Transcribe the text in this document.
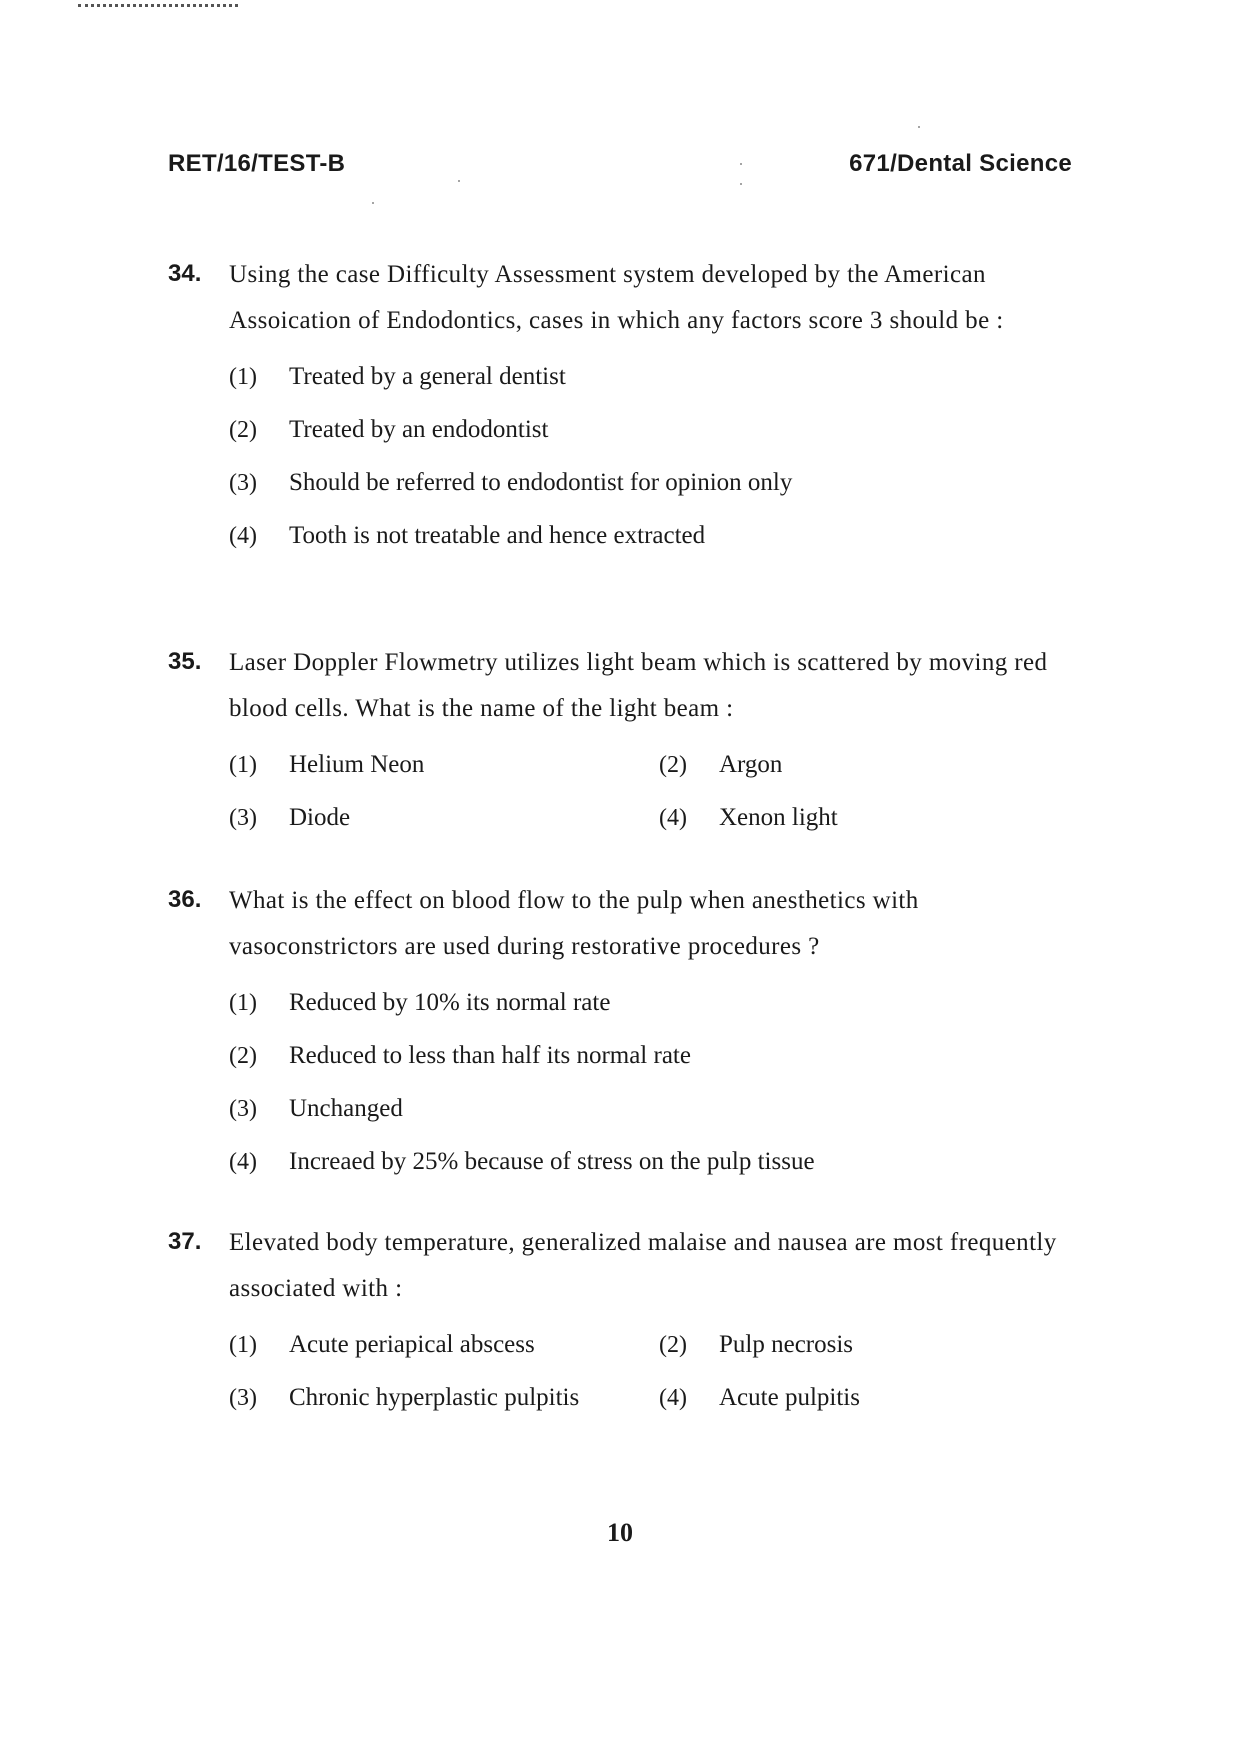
RET/16/TEST-B	671/Dental Science
34. Using the case Difficulty Assessment system developed by the American Assoication of Endodontics, cases in which any factors score 3 should be :
(1) Treated by a general dentist
(2) Treated by an endodontist
(3) Should be referred to endodontist for opinion only
(4) Tooth is not treatable and hence extracted
35. Laser Doppler Flowmetry utilizes light beam which is scattered by moving red blood cells. What is the name of the light beam :
(1) Helium Neon	(2) Argon
(3) Diode	(4) Xenon light
36. What is the effect on blood flow to the pulp when anesthetics with vasoconstrictors are used during restorative procedures ?
(1) Reduced by 10% its normal rate
(2) Reduced to less than half its normal rate
(3) Unchanged
(4) Increaed by 25% because of stress on the pulp tissue
37. Elevated body temperature, generalized malaise and nausea are most frequently associated with :
(1) Acute periapical abscess	(2) Pulp necrosis
(3) Chronic hyperplastic pulpitis	(4) Acute pulpitis
10
